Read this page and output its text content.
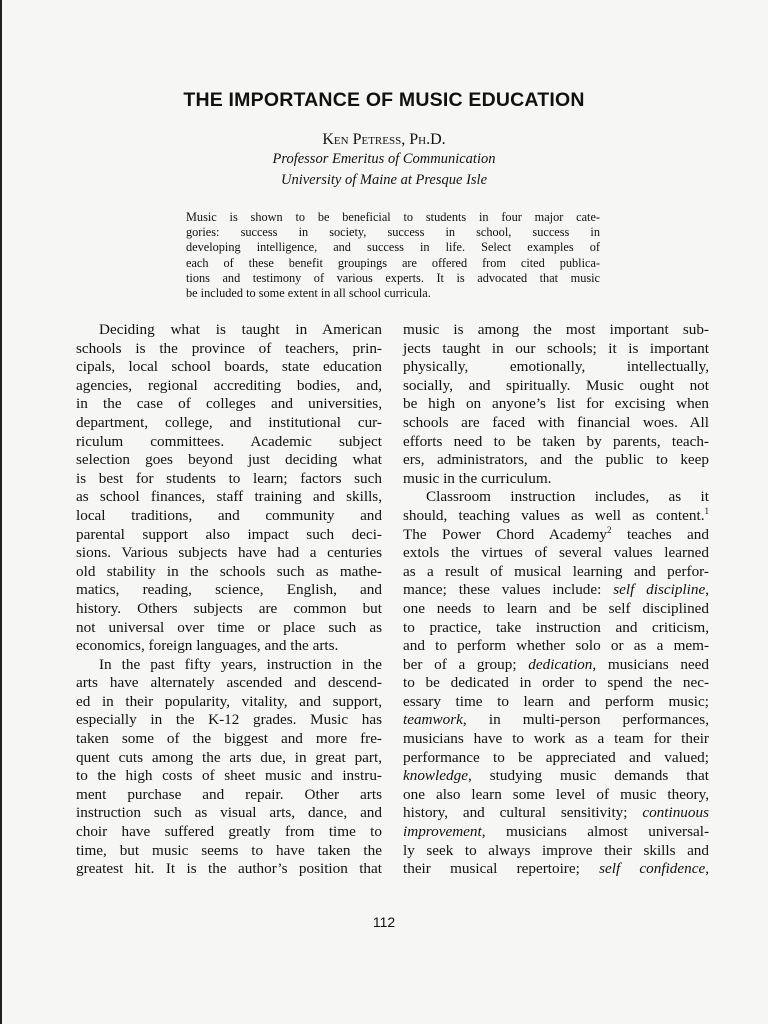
THE IMPORTANCE OF MUSIC EDUCATION
Ken Petress, Ph.D.
Professor Emeritus of Communication
University of Maine at Presque Isle
Music is shown to be beneficial to students in four major cate-
gories: success in society, success in school, success in
developing intelligence, and success in life. Select examples of
each of these benefit groupings are offered from cited publica-
tions and testimony of various experts. It is advocated that music
be included to some extent in all school curricula.
Deciding what is taught in American
schools is the province of teachers, prin-
cipals, local school boards, state education
agencies, regional accrediting bodies, and,
in the case of colleges and universities,
department, college, and institutional cur-
riculum committees. Academic subject
selection goes beyond just deciding what
is best for students to learn; factors such
as school finances, staff training and skills,
local traditions, and community and
parental support also impact such deci-
sions. Various subjects have had a centuries
old stability in the schools such as mathe-
matics, reading, science, English, and
history. Others subjects are common but
not universal over time or place such as
economics, foreign languages, and the arts.
In the past fifty years, instruction in the
arts have alternately ascended and descend-
ed in their popularity, vitality, and support,
especially in the K-12 grades. Music has
taken some of the biggest and more fre-
quent cuts among the arts due, in great part,
to the high costs of sheet music and instru-
ment purchase and repair. Other arts
instruction such as visual arts, dance, and
choir have suffered greatly from time to
time, but music seems to have taken the
greatest hit. It is the author’s position that
music is among the most important sub-
jects taught in our schools; it is important
physically, emotionally, intellectually,
socially, and spiritually. Music ought not
be high on anyone’s list for excising when
schools are faced with financial woes. All
efforts need to be taken by parents, teach-
ers, administrators, and the public to keep
music in the curriculum.
Classroom instruction includes, as it
should, teaching values as well as content.$^1$
The Power Chord Academy$^2$ teaches and
extols the virtues of several values learned
as a result of musical learning and perfor-
mance; these values include: self discipline,
one needs to learn and be self disciplined
to practice, take instruction and criticism,
and to perform whether solo or as a mem-
ber of a group; dedication, musicians need
to be dedicated in order to spend the nec-
essary time to learn and perform music;
teamwork, in multi-person performances,
musicians have to work as a team for their
performance to be appreciated and valued;
knowledge, studying music demands that
one also learn some level of music theory,
history, and cultural sensitivity; continuous
improvement, musicians almost universal-
ly seek to always improve their skills and
their musical repertoire; self confidence,
112
